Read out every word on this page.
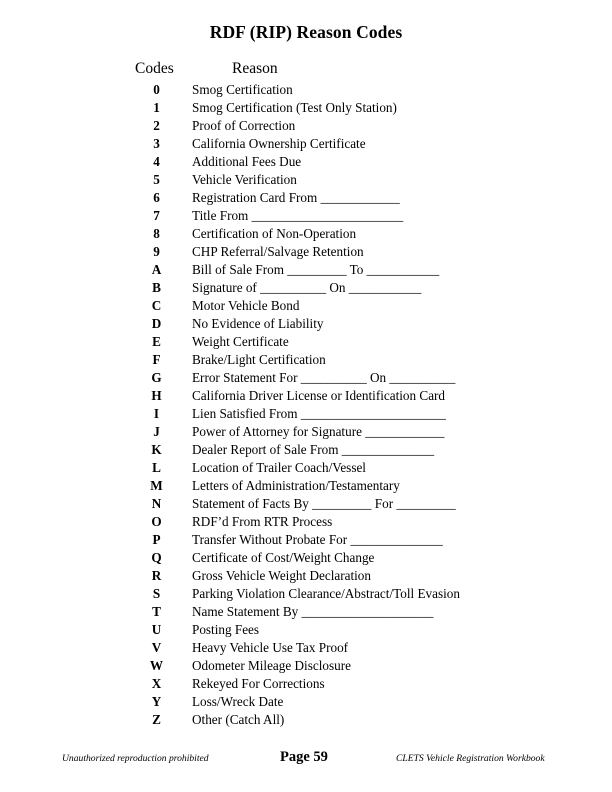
RDF (RIP) Reason Codes
Codes	Reason
0	Smog Certification
1	Smog Certification (Test Only Station)
2	Proof of Correction
3	California Ownership Certificate
4	Additional Fees Due
5	Vehicle Verification
6	Registration Card From ____________
7	Title From _______________________
8	Certification of Non-Operation
9	CHP Referral/Salvage Retention
A	Bill of Sale From _________ To ___________
B	Signature of __________ On ___________
C	Motor Vehicle Bond
D	No Evidence of Liability
E	Weight Certificate
F	Brake/Light Certification
G	Error Statement For __________ On __________
H	California Driver License or Identification Card
I	Lien Satisfied From ______________________
J	Power of Attorney for Signature ____________
K	Dealer Report of Sale From ______________
L	Location of Trailer Coach/Vessel
M	Letters of Administration/Testamentary
N	Statement of Facts By _________ For _________
O	RDF’d From RTR Process
P	Transfer Without Probate For ______________
Q	Certificate of Cost/Weight Change
R	Gross Vehicle Weight Declaration
S	Parking Violation Clearance/Abstract/Toll Evasion
T	Name Statement By ____________________
U	Posting Fees
V	Heavy Vehicle Use Tax Proof
W	Odometer Mileage Disclosure
X	Rekeyed For Corrections
Y	Loss/Wreck Date
Z	Other (Catch All)
Unauthorized reproduction prohibited	Page 59	CLETS Vehicle Registration Workbook
